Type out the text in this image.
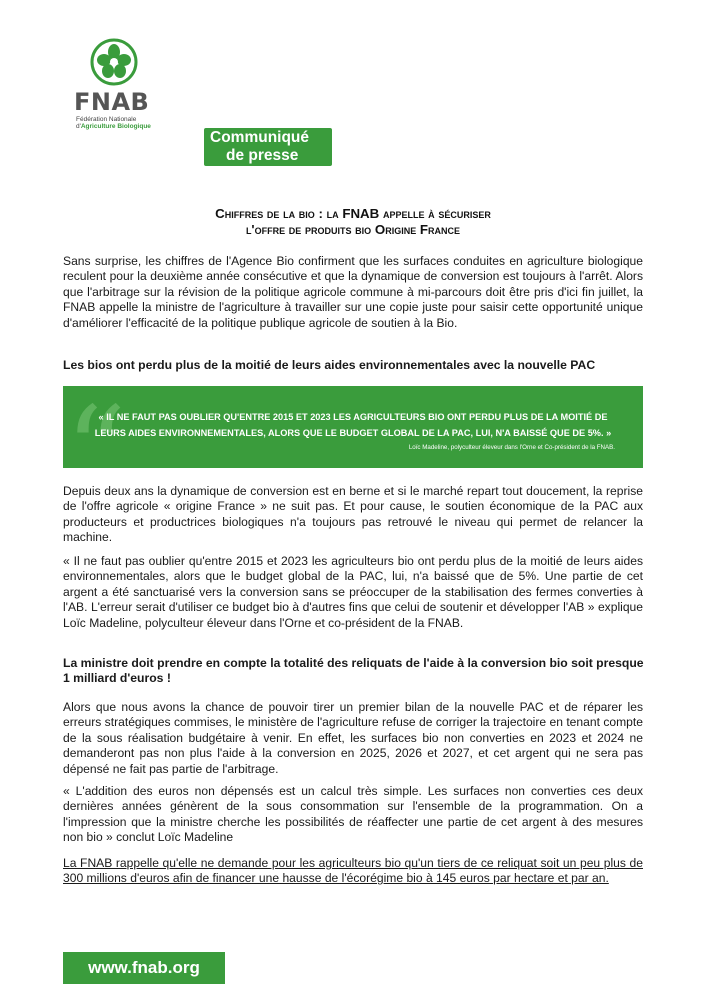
FNAB
Fédération Nationale
d'Agriculture Biologique
Communiqué
de presse
Chiffres de la bio : la FNAB appelle à sécuriser
l'offre de produits bio Origine France

Sans surprise, les chiffres de l'Agence Bio confirment que les surfaces conduites en agriculture biologique reculent pour la deuxième année consécutive et que la dynamique de conversion est toujours à l'arrêt. Alors que l'arbitrage sur la révision de la politique agricole commune à mi-parcours doit être pris d'ici fin juillet, la FNAB appelle la ministre de l'agriculture à travailler sur une copie juste pour saisir cette opportunité unique d'améliorer l'efficacité de la politique publique agricole de soutien à la Bio.

Les bios ont perdu plus de la moitié de leurs aides environnementales avec la nouvelle PAC

“
« IL NE FAUT PAS OUBLIER QU'ENTRE 2015 ET 2023 LES AGRICULTEURS BIO ONT PERDU PLUS DE LA MOITIÉ DE
LEURS AIDES ENVIRONNEMENTALES, ALORS QUE LE BUDGET GLOBAL DE LA PAC, LUI, N'A BAISSÉ QUE DE 5%. »
Loïc Madeline, polyculteur éleveur dans l'Orne et Co-président de la FNAB.

Depuis deux ans la dynamique de conversion est en berne et si le marché repart tout doucement, la reprise de l'offre agricole « origine France » ne suit pas. Et pour cause, le soutien économique de la PAC aux producteurs et productrices biologiques n'a toujours pas retrouvé le niveau qui permet de relancer la machine.

« Il ne faut pas oublier qu'entre 2015 et 2023 les agriculteurs bio ont perdu plus de la moitié de leurs aides environnementales, alors que le budget global de la PAC, lui, n'a baissé que de 5%. Une partie de cet argent a été sanctuarisé vers la conversion sans se préoccuper de la stabilisation des fermes converties à l'AB. L'erreur serait d'utiliser ce budget bio à d'autres fins que celui de soutenir et développer l'AB » explique Loïc Madeline, polyculteur éleveur dans l'Orne et co-président de la FNAB.

La ministre doit prendre en compte la totalité des reliquats de l'aide à la conversion bio soit presque 1 milliard d'euros !

Alors que nous avons la chance de pouvoir tirer un premier bilan de la nouvelle PAC et de réparer les erreurs stratégiques commises, le ministère de l'agriculture refuse de corriger la trajectoire en tenant compte de la sous réalisation budgétaire à venir. En effet, les surfaces bio non converties en 2023 et 2024 ne demanderont pas non plus l'aide à la conversion en 2025, 2026 et 2027, et cet argent qui ne sera pas dépensé ne fait pas partie de l'arbitrage.

« L'addition des euros non dépensés est un calcul très simple. Les surfaces non converties ces deux dernières années génèrent de la sous consommation sur l'ensemble de la programmation. On a l'impression que la ministre cherche les possibilités de réaffecter une partie de cet argent à des mesures non bio » conclut Loïc Madeline

La FNAB rappelle qu'elle ne demande pour les agriculteurs bio qu'un tiers de ce reliquat soit un peu plus de 300 millions d'euros afin de financer une hausse de l'écorégime bio à 145 euros par hectare et par an.

www.fnab.org
